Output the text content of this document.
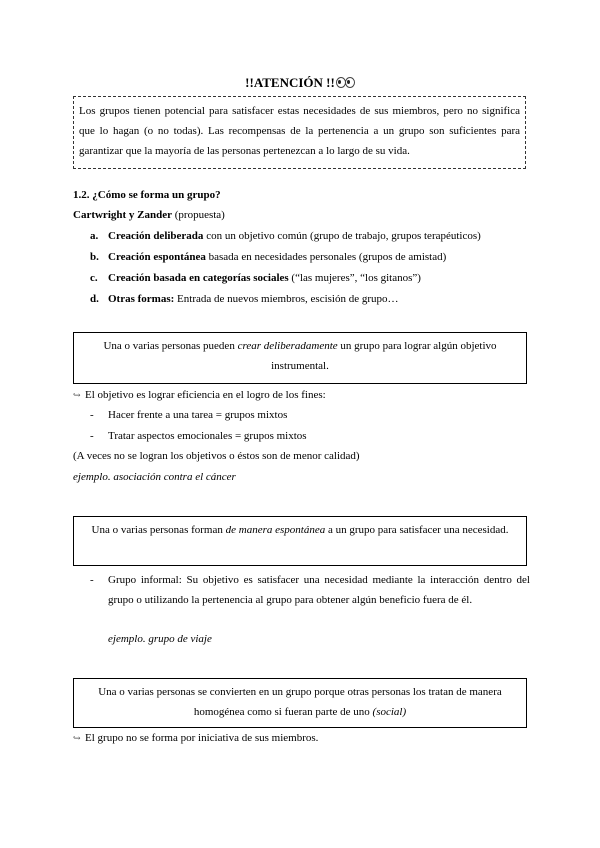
!!ATENCIÓN !!
Los grupos tienen potencial para satisfacer estas necesidades de sus miembros, pero no significa que lo hagan (o no todas). Las recompensas de la pertenencia a un grupo son suficientes para garantizar que la mayoría de las personas pertenezcan a lo largo de su vida.
1.2. ¿Cómo se forma un grupo?
Cartwright y Zander (propuesta)
a. Creación deliberada con un objetivo común (grupo de trabajo, grupos terapéuticos)
b. Creación espontánea basada en necesidades personales (grupos de amistad)
c. Creación basada en categorías sociales (“las mujeres”, “los gitanos”)
d. Otras formas: Entrada de nuevos miembros, escisión de grupo…
Una o varias personas pueden crear deliberadamente un grupo para lograr algún objetivo instrumental.
↪ El objetivo es lograr eficiencia en el logro de los fines:
- Hacer frente a una tarea = grupos mixtos
- Tratar aspectos emocionales = grupos mixtos
(A veces no se logran los objetivos o éstos son de menor calidad)
ejemplo. asociación contra el cáncer
Una o varias personas forman de manera espontánea a un grupo para satisfacer una necesidad.
- Grupo informal: Su objetivo es satisfacer una necesidad mediante la interacción dentro del grupo o utilizando la pertenencia al grupo para obtener algún beneficio fuera de él.
ejemplo. grupo de viaje
Una o varias personas se convierten en un grupo porque otras personas los tratan de manera homogénea como si fueran parte de uno (social)
↪ El grupo no se forma por iniciativa de sus miembros.
